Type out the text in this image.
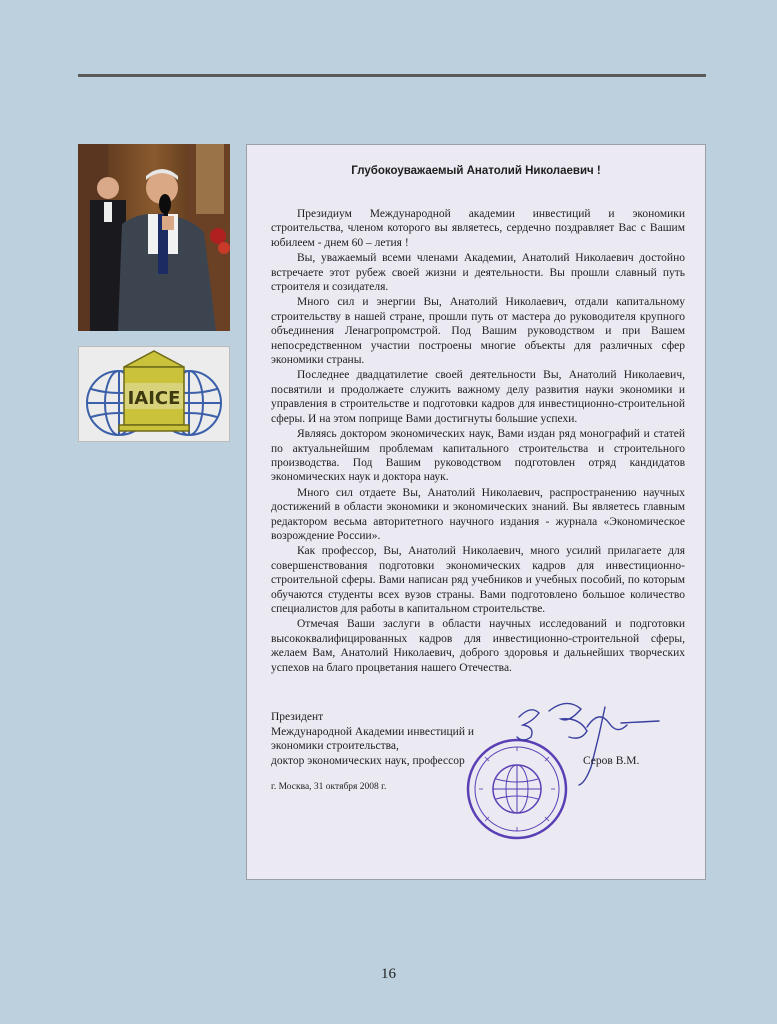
IAICE
Глубокоуважаемый Анатолий Николаевич !

Президиум Международной академии инвестиций и экономики строительства, членом которого вы являетесь, сердечно поздравляет Вас с Вашим юбилеем - днем 60 – летия !

Вы, уважаемый всеми членами Академии, Анатолий Николаевич достойно встречаете этот рубеж своей жизни и деятельности. Вы прошли славный путь строителя и созидателя.

Много сил и энергии Вы, Анатолий Николаевич, отдали капитальному строительству в нашей стране, прошли путь от мастера до руководителя крупного объединения Ленагропромстрой. Под Вашим руководством и при Вашем непосредственном участии построены многие объекты для различных сфер экономики страны.

Последнее двадцатилетие своей деятельности Вы, Анатолий Николаевич, посвятили и продолжаете служить важному делу развития науки экономики и управления в строительстве и подготовки кадров для инвестиционно-строительной сферы. И на этом поприще Вами достигнуты большие успехи.

Являясь доктором экономических наук, Вами издан ряд монографий и статей по актуальнейшим проблемам капитального строительства и строительного производства. Под Вашим руководством подготовлен отряд кандидатов экономических наук и доктора наук.

Много сил отдаете Вы, Анатолий Николаевич, распространению научных достижений в области экономики и экономических знаний. Вы являетесь главным редактором весьма авторитетного научного издания - журнала «Экономическое возрождение России».

Как профессор, Вы, Анатолий Николаевич, много усилий прилагаете для совершенствования подготовки экономических кадров для инвестиционно-строительной сферы. Вами написан ряд учебников и учебных пособий, по которым обучаются студенты всех вузов страны. Вами подготовлено большое количество специалистов для работы в капитальном строительстве.

Отмечая Ваши заслуги в области научных исследований и подготовки высококвалифицированных кадров для инвестиционно-строительной сферы, желаем Вам, Анатолий Николаевич, доброго здоровья и дальнейших творческих успехов на благо процветания нашего Отечества.

Президент
Международной Академии инвестиций и
экономики строительства,
доктор экономических наук, профессор	Серов В.М.
г. Москва, 31 октября 2008 г.
16
